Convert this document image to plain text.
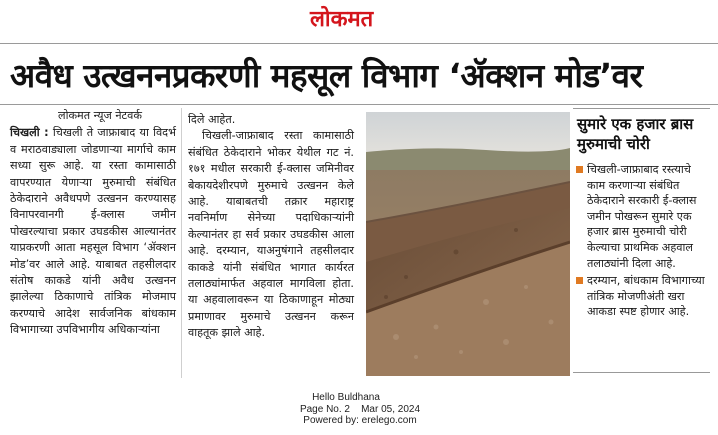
लोकमत
अवैध उत्खननप्रकरणी महसूल विभाग ‘ॲक्शन मोड’वर
लोकमत न्यूज नेटवर्क

चिखली : चिखली ते जाफ्राबाद या विदर्भ व मराठवाड्याला जोडणाऱ्या मार्गाचे काम सध्या सुरू आहे. या रस्ता कामासाठी वापरण्यात येणाऱ्या मुरुमाची संबंधित ठेकेदाराने अवैधपणे उत्खनन करण्यासह विनापरवानगी ई-क्लास जमीन पोखरल्याचा प्रकार उघडकीस आल्यानंतर याप्रकरणी आता महसूल विभाग ‘ॲक्शन मोड’वर आले आहे. याबाबत तहसीलदार संतोष काकडे यांनी अवैध उत्खनन झालेल्या ठिकाणाचे तांत्रिक मोजमाप करण्याचे आदेश सार्वजनिक बांधकाम विभागाच्या उपविभागीय अधिकाऱ्यांना

दिले आहेत.

चिखली-जाफ्राबाद रस्ता कामासाठी संबंधित ठेकेदाराने भोकर येथील गट नं. १७१ मधील सरकारी ई-क्लास जमिनीवर बेकायदेशीरपणे मुरुमाचे उत्खनन केले आहे. याबाबतची तक्रार महाराष्ट्र नवनिर्माण सेनेच्या पदाधिकाऱ्यांनी केल्यानंतर हा सर्व प्रकार उघडकीस आला आहे. दरम्यान, याअनुषंगाने तहसीलदार काकडे यांनी संबंधित भागात कार्यरत तलाठ्यांमार्फत अहवाल मागविला होता. या अहवालावरून या ठिकाणाहून मोठ्या प्रमाणावर मुरुमाचे उत्खनन करून वाहतूक झाले आहे.

सुमारे एक हजार ब्रास मुरुमाची चोरी
चिखली-जाफ्राबाद रस्त्याचे काम करणाऱ्या संबंधित ठेकेदाराने सरकारी ई-क्लास जमीन पोखरून सुमारे एक हजार ब्रास मुरुमाची चोरी केल्याचा प्राथमिक अहवाल तलाठ्यांनी दिला आहे.
दरम्यान, बांधकाम विभागाच्या तांत्रिक मोजणीअंती खरा आकडा स्पष्ट होणार आहे.
Hello Buldhana
Page No. 2    Mar 05, 2024
Powered by: erelego.com
